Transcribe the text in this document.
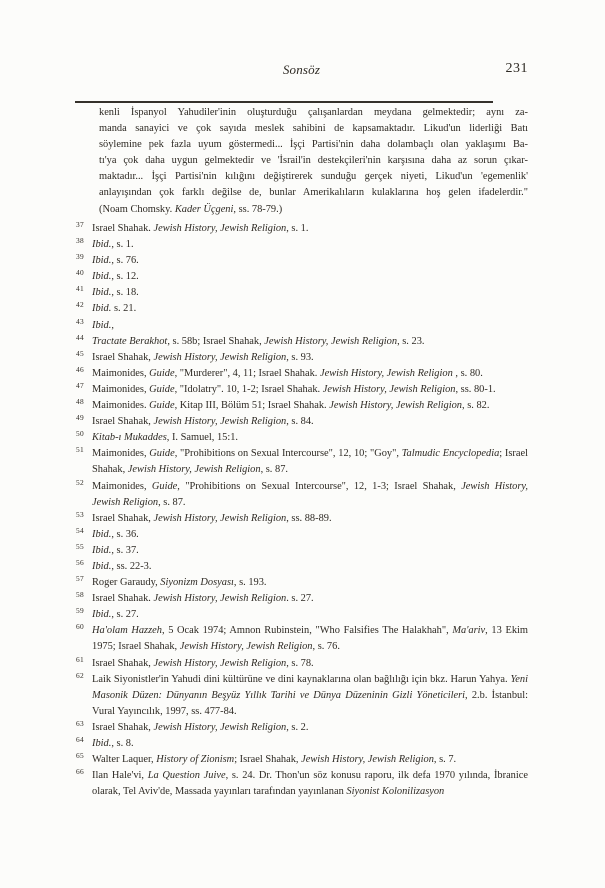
Sonsöz	231
kenli İspanyol Yahudiler'inin oluşturduğu çalışanlardan meydana gelmektedir; aynı za-
manda sanayici ve çok sayıda meslek sahibini de kapsamaktadır. Likud'un liderliği Batı
söylemine pek fazla uyum göstermedi... İşçi Partisi'nin daha dolambaçlı olan yaklaşımı Ba-
tı'ya çok daha uygun gelmektedir ve 'İsrail'in destekçileri'nin karşısına daha az sorun çıkar-
maktadır... İşçi Partisi'nin kılığını değiştirerek sunduğu gerçek niyeti, Likud'un 'egemenlik'
anlayışından çok farklı değilse de, bunlar Amerikalıların kulaklarına hoş gelen ifadelerdir."
(Noam Chomsky. Kader Üçgeni, ss. 78-79.)
37 Israel Shahak. Jewish History, Jewish Religion, s. 1.
38 Ibid., s. 1.
39 Ibid., s. 76.
40 Ibid., s. 12.
41 Ibid., s. 18.
42 Ibid. s. 21.
43 Ibid.,
44 Tractate Berakhot, s. 58b; Israel Shahak, Jewish History, Jewish Religion, s. 23.
45 Israel Shahak, Jewish History, Jewish Religion, s. 93.
46 Maimonides, Guide, "Murderer", 4, 11; Israel Shahak. Jewish History, Jewish Religion , s. 80.
47 Maimonides, Guide, "Idolatry". 10, 1-2; Israel Shahak. Jewish History, Jewish Religion, ss. 80-1.
48 Maimonides. Guide, Kitap III, Bölüm 51; Israel Shahak. Jewish History, Jewish Religion, s. 82.
49 Israel Shahak, Jewish History, Jewish Religion, s. 84.
50 Kitab-ı Mukaddes, I. Samuel, 15:1.
51 Maimonides, Guide, "Prohibitions on Sexual Intercourse", 12, 10; "Goy", Talmudic Encyclopedia; Israel Shahak, Jewish History, Jewish Religion, s. 87.
52 Maimonides, Guide, "Prohibitions on Sexual Intercourse", 12, 1-3; Israel Shahak, Jewish History, Jewish Religion, s. 87.
53 Israel Shahak, Jewish History, Jewish Religion, ss. 88-89.
54 Ibid., s. 36.
55 Ibid., s. 37.
56 Ibid., ss. 22-3.
57 Roger Garaudy, Siyonizm Dosyası, s. 193.
58 Israel Shahak. Jewish History, Jewish Religion. s. 27.
59 Ibid., s. 27.
60 Ha'olam Hazzeh, 5 Ocak 1974; Amnon Rubinstein, "Who Falsifies The Halakhah", Ma'ariv, 13 Ekim 1975; Israel Shahak, Jewish History, Jewish Religion, s. 76.
61 Israel Shahak, Jewish History, Jewish Religion, s. 78.
62 Laik Siyonistler'in Yahudi dini kültürüne ve dini kaynaklarına olan bağlılığı için bkz. Harun Yahya. Yeni Masonik Düzen: Dünyanın Beşyüz Yıllık Tarihi ve Dünya Düzeninin Gizli Yöneticileri, 2.b. İstanbul: Vural Yayıncılık, 1997, ss. 477-84.
63 Israel Shahak, Jewish History, Jewish Religion, s. 2.
64 Ibid., s. 8.
65 Walter Laquer, History of Zionism; Israel Shahak, Jewish History, Jewish Religion, s. 7.
66 Ilan Hale'vi, La Question Juive, s. 24. Dr. Thon'un söz konusu raporu, ilk defa 1970 yılında, İbranice olarak, Tel Aviv'de, Massada yayınları tarafından yayınlanan Siyonist Kolonilizasyon
